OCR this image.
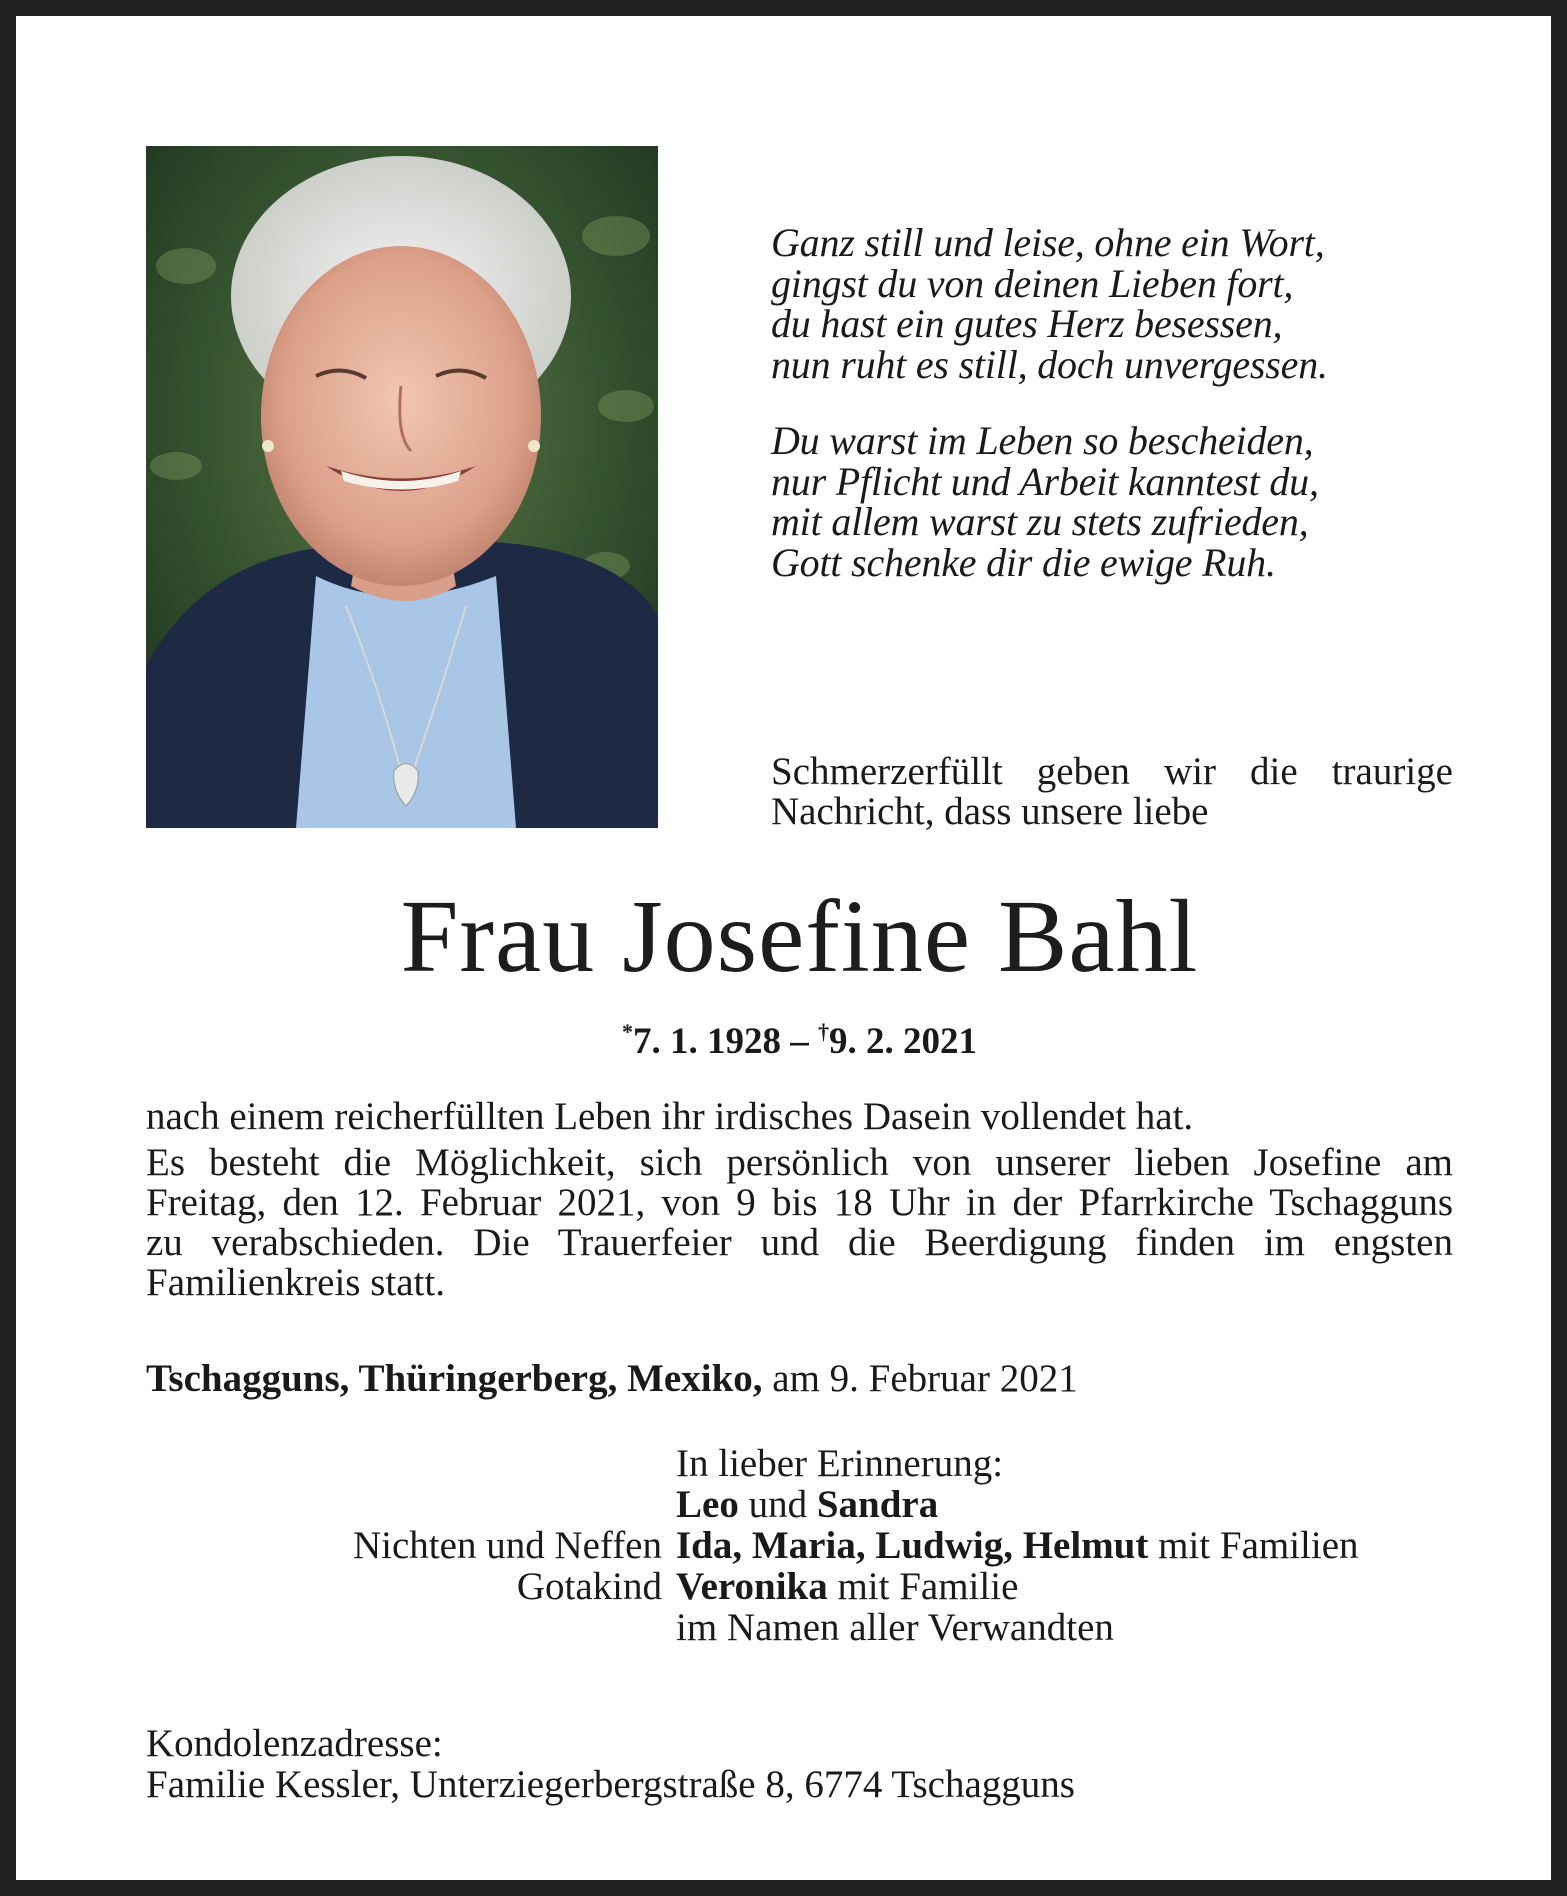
Ganz still und leise, ohne ein Wort,
gingst du von deinen Lieben fort,
du hast ein gutes Herz besessen,
nun ruht es still, doch unvergessen.

Du warst im Leben so bescheiden,
nur Pflicht und Arbeit kanntest du,
mit allem warst zu stets zufrieden,
Gott schenke dir die ewige Ruh.

Schmerzerfüllt geben wir die traurige
Nachricht, dass unsere liebe
Frau Josefine Bahl
*7. 1. 1928 – †9. 2. 2021

nach einem reicherfüllten Leben ihr irdisches Dasein vollendet hat.

Es besteht die Möglichkeit, sich persönlich von unserer lieben Josefine am
Freitag, den 12. Februar 2021, von 9 bis 18 Uhr in der Pfarrkirche Tschagguns
zu verabschieden. Die Trauerfeier und die Beerdigung finden im engsten
Familienkreis statt.

Tschagguns, Thüringerberg, Mexiko, am 9. Februar 2021
In lieber Erinnerung:
Leo und Sandra
Nichten und Neffen Ida, Maria, Ludwig, Helmut mit Familien
Gotakind Veronika mit Familie
im Namen aller Verwandten
Kondolenzadresse:
Familie Kessler, Unterziegerbergstraße 8, 6774 Tschagguns
